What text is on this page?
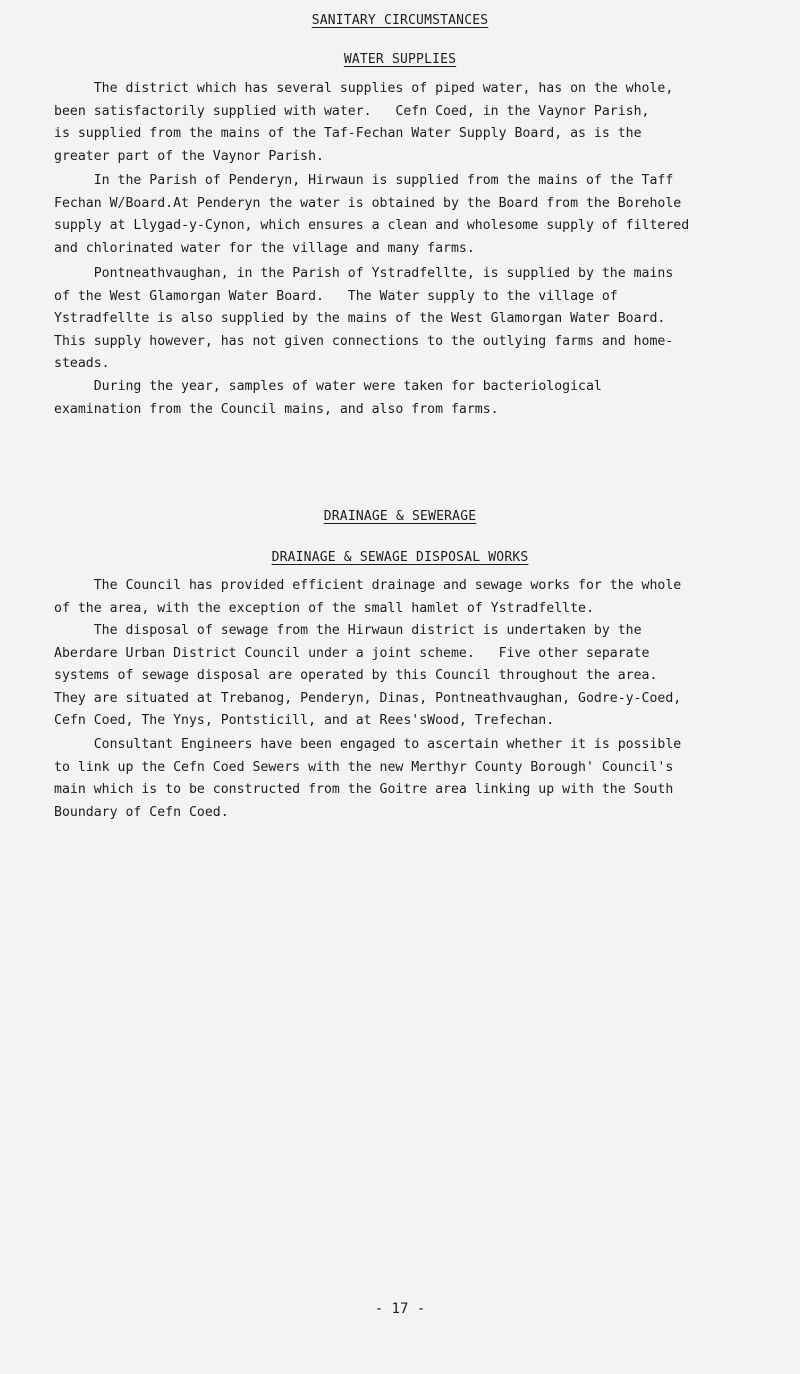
SANITARY CIRCUMSTANCES
WATER SUPPLIES

The district which has several supplies of piped water, has on the whole,
been satisfactorily supplied with water.   Cefn Coed, in the Vaynor Parish,
is supplied from the mains of the Taf-Fechan Water Supply Board, as is the
greater part of the Vaynor Parish.

In the Parish of Penderyn, Hirwaun is supplied from the mains of the Taff
Fechan W/Board.At Penderyn the water is obtained by the Board from the Borehole
supply at Llygad-y-Cynon, which ensures a clean and wholesome supply of filtered
and chlorinated water for the village and many farms.

Pontneathvaughan, in the Parish of Ystradfellte, is supplied by the mains
of the West Glamorgan Water Board.   The Water supply to the village of
Ystradfellte is also supplied by the mains of the West Glamorgan Water Board.
This supply however, has not given connections to the outlying farms and home-
steads.

During the year, samples of water were taken for bacteriological
examination from the Council mains, and also from farms.

DRAINAGE & SEWERAGE
DRAINAGE & SEWAGE DISPOSAL WORKS

The Council has provided efficient drainage and sewage works for the whole
of the area, with the exception of the small hamlet of Ystradfellte.
The disposal of sewage from the Hirwaun district is undertaken by the
Aberdare Urban District Council under a joint scheme.   Five other separate
systems of sewage disposal are operated by this Council throughout the area.
They are situated at Trebanog, Penderyn, Dinas, Pontneathvaughan, Godre-y-Coed,
Cefn Coed, The Ynys, Pontsticill, and at Rees'sWood, Trefechan.

Consultant Engineers have been engaged to ascertain whether it is possible
to link up the Cefn Coed Sewers with the new Merthyr County Borough' Council's
main which is to be constructed from the Goitre area linking up with the South
Boundary of Cefn Coed.

- 17 -
